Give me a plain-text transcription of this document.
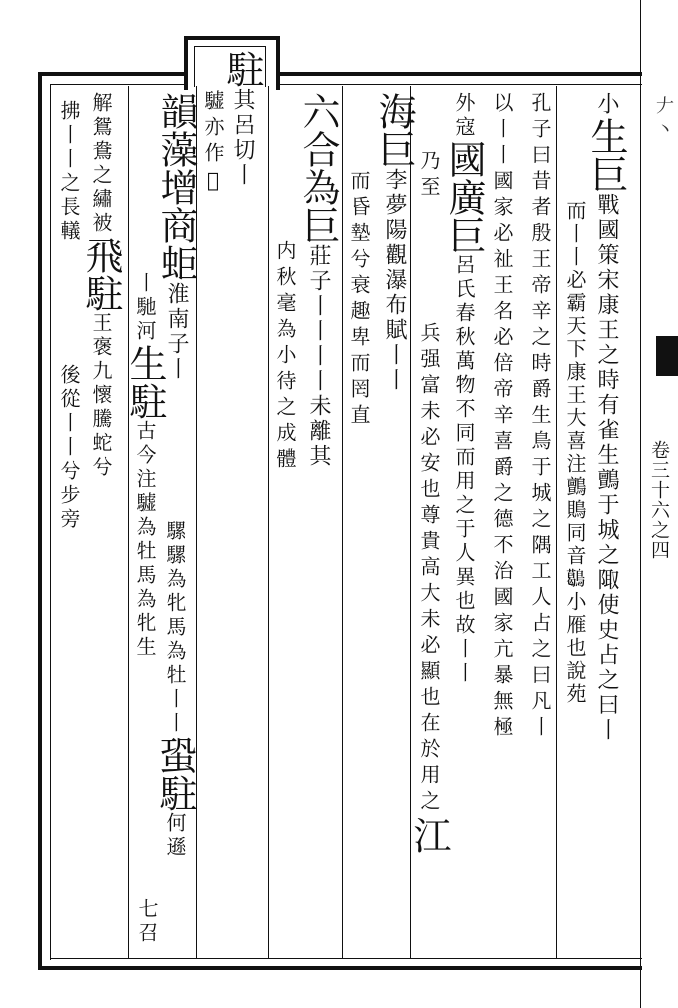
𠂇 丶
卷三十六之四
小生巨戰國策宋康王之時有雀生鸇于城之陬使史占之曰丨
而丨丨必霸天下康王大喜注鸇鵙同音𪆰小雁也說苑
孔子曰昔者殷王帝辛之時爵生鳥于城之隅工人占之曰凡丨
以丨丨國家必祉王名必倍帝辛喜爵之德不治國家亢暴無極
外寇國廣巨呂氏春秋萬物不同而用之于人異也故丨丨
乃至兵强富未必安也尊貴高大未必顯也在於用之江
海巨李夢陽觀瀑布賦丨丨
而昏墊兮衰趣卑而罔直
六合為巨莊子丨丨丨丨未離其
内秋毫為小待之成體
駐其呂切丨
驉亦作𧊼
韻藻增商蚷淮南子丨
丨馳河生駐古今注驉為牡馬為牝生 騾騾為牝馬為牡丨丨蛩駐何遜
七召
解鴛鴦之繡被飛駐王褒九懷騰蛇兮
拂丨丨之長轙後從丨丨兮步旁
